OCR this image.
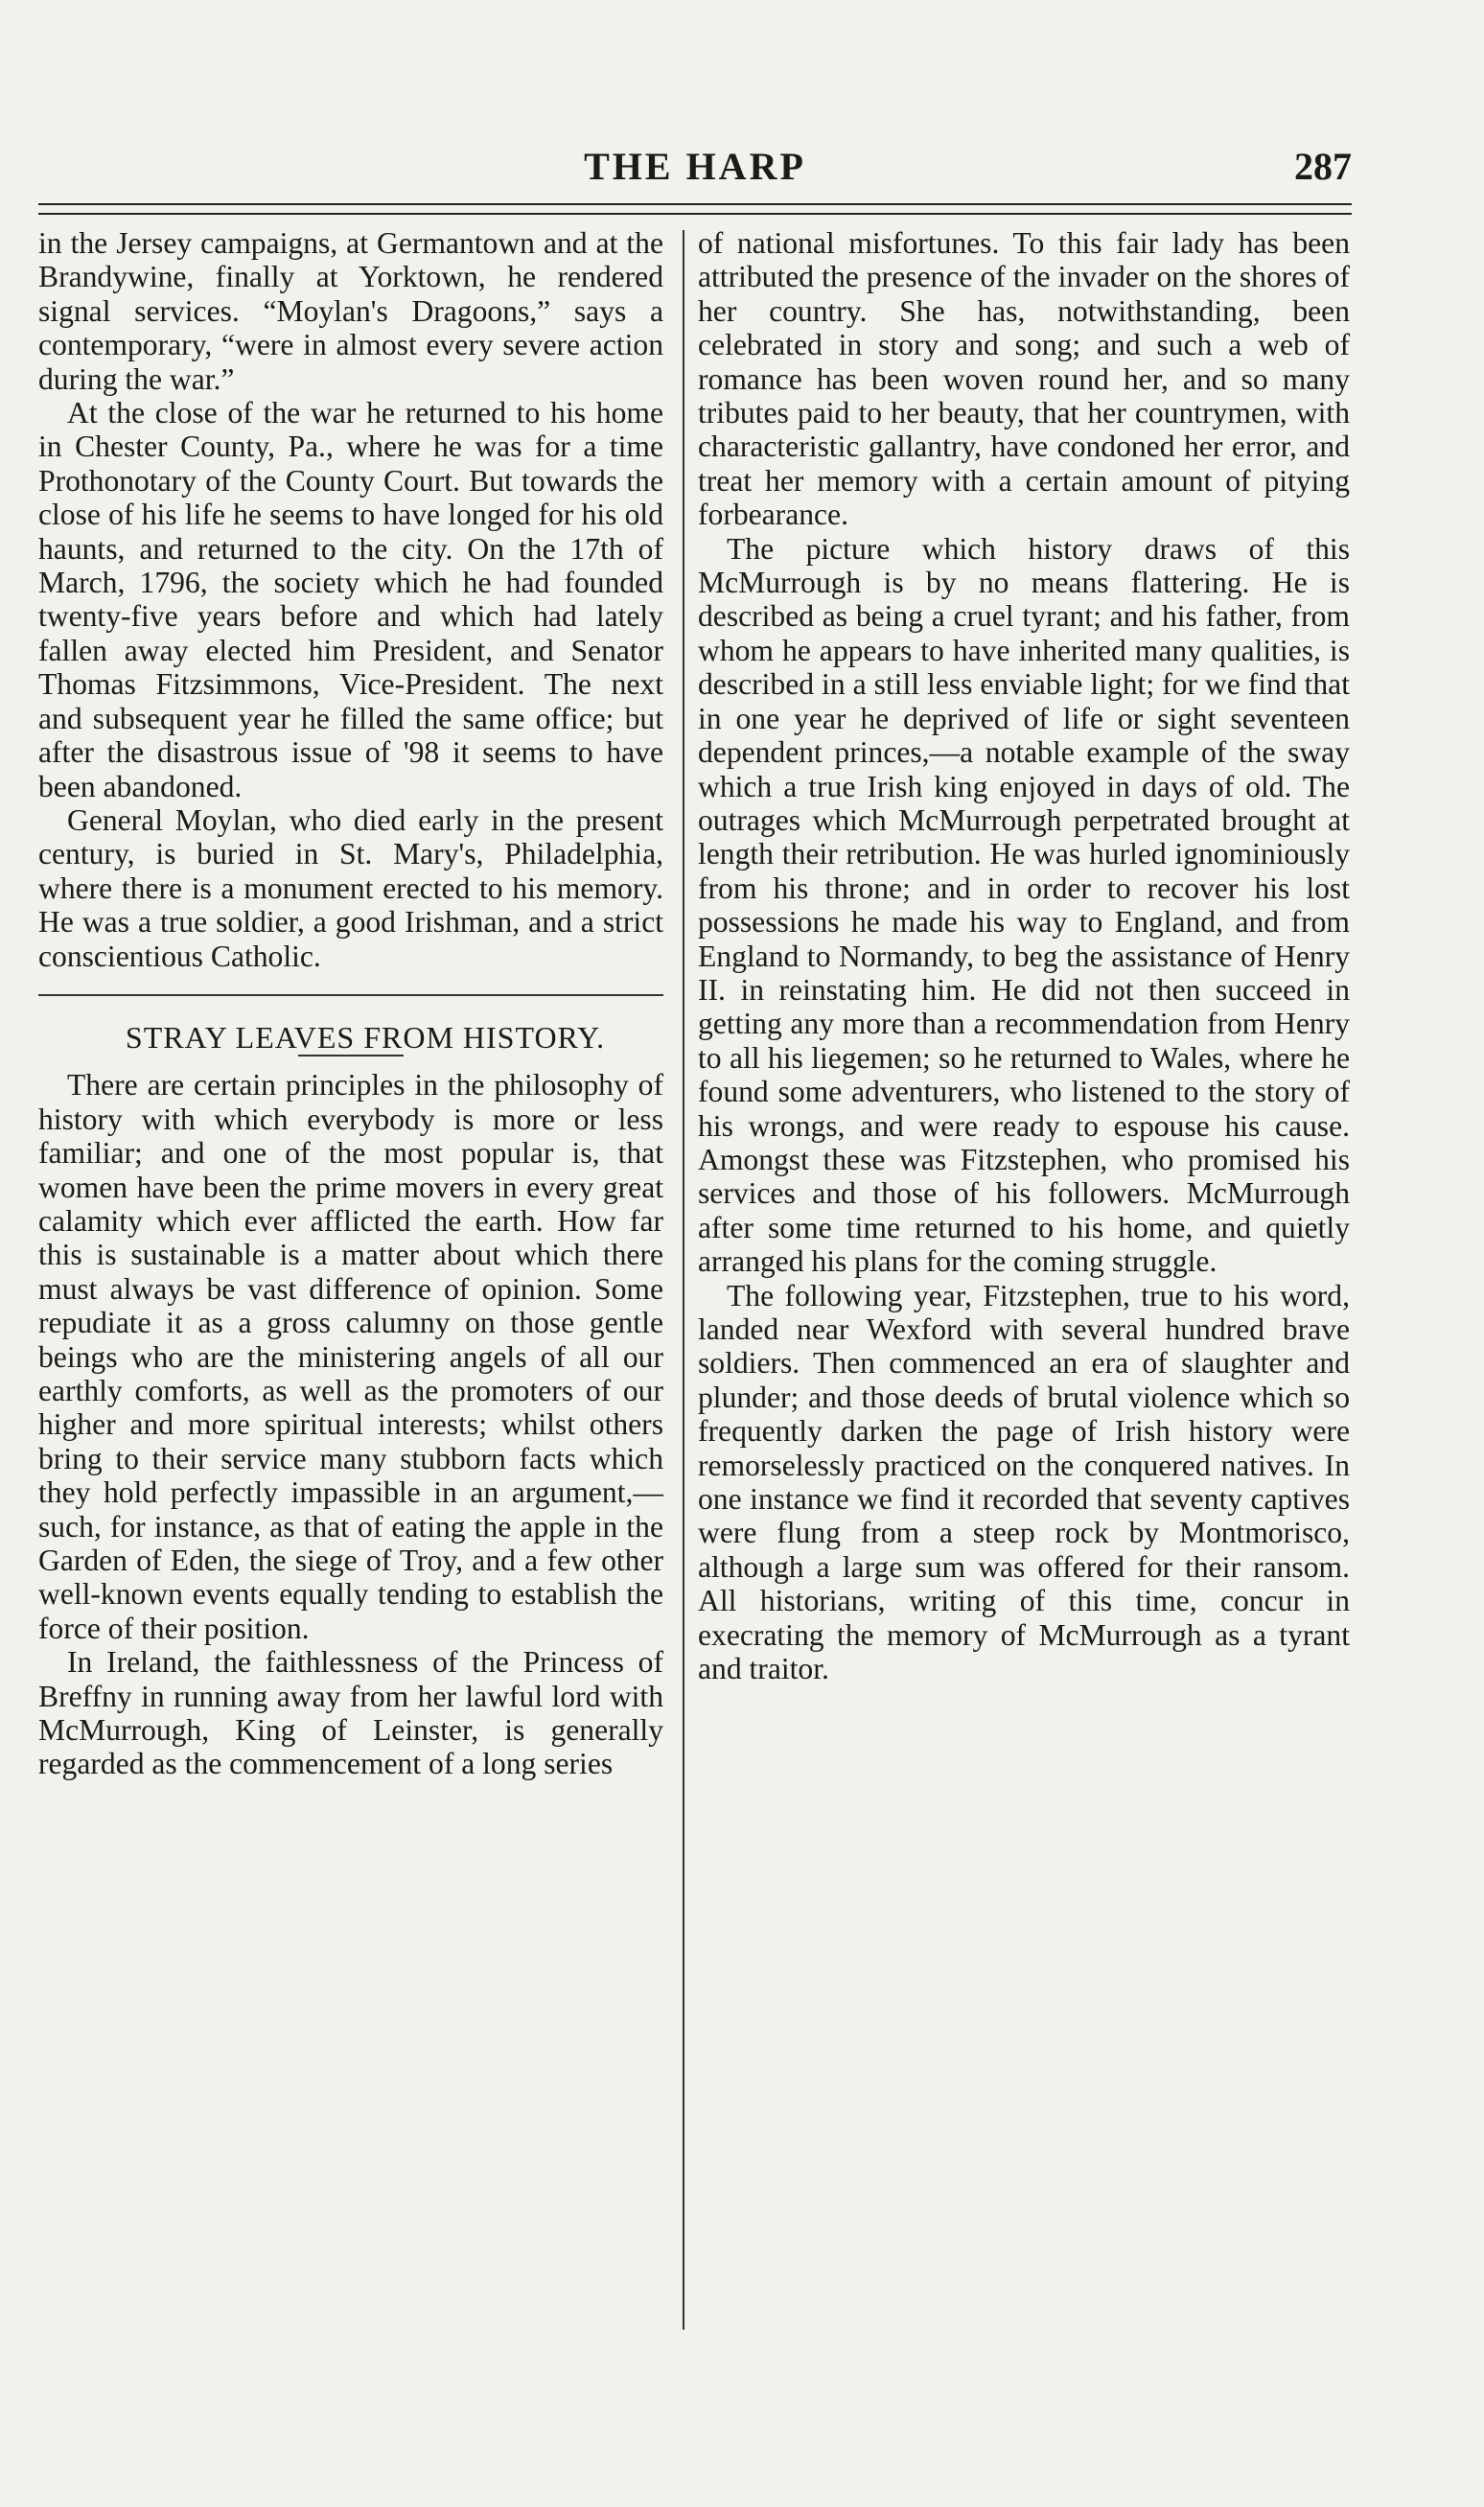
THE HARP	287

in the Jersey campaigns, at Germantown and at the Brandywine, finally at Yorktown, he rendered signal services. “Moylan's Dragoons,” says a contemporary, “were in almost every severe action during the war.”

At the close of the war he returned to his home in Chester County, Pa., where he was for a time Prothonotary of the County Court. But towards the close of his life he seems to have longed for his old haunts, and returned to the city. On the 17th of March, 1796, the society which he had founded twenty-five years before and which had lately fallen away elected him President, and Senator Thomas Fitzsimmons, Vice-President. The next and subsequent year he filled the same office; but after the disastrous issue of '98 it seems to have been abandoned.

General Moylan, who died early in the present century, is buried in St. Mary's, Philadelphia, where there is a monument erected to his memory. He was a true soldier, a good Irishman, and a strict conscientious Catholic.

STRAY LEAVES FROM HISTORY.

There are certain principles in the philosophy of history with which everybody is more or less familiar; and one of the most popular is, that women have been the prime movers in every great calamity which ever afflicted the earth. How far this is sustainable is a matter about which there must always be vast difference of opinion. Some repudiate it as a gross calumny on those gentle beings who are the ministering angels of all our earthly comforts, as well as the promoters of our higher and more spiritual interests; whilst others bring to their service many stubborn facts which they hold perfectly impassible in an argument,—such, for instance, as that of eating the apple in the Garden of Eden, the siege of Troy, and a few other well-known events equally tending to establish the force of their position.

In Ireland, the faithlessness of the Princess of Breffny in running away from her lawful lord with McMurrough, King of Leinster, is generally regarded as the commencement of a long series

of national misfortunes. To this fair lady has been attributed the presence of the invader on the shores of her country. She has, notwithstanding, been celebrated in story and song; and such a web of romance has been woven round her, and so many tributes paid to her beauty, that her countrymen, with characteristic gallantry, have condoned her error, and treat her memory with a certain amount of pitying forbearance.

The picture which history draws of this McMurrough is by no means flattering. He is described as being a cruel tyrant; and his father, from whom he appears to have inherited many qualities, is described in a still less enviable light; for we find that in one year he deprived of life or sight seventeen dependent princes,—a notable example of the sway which a true Irish king enjoyed in days of old. The outrages which McMurrough perpetrated brought at length their retribution. He was hurled ignominiously from his throne; and in order to recover his lost possessions he made his way to England, and from England to Normandy, to beg the assistance of Henry II. in reinstating him. He did not then succeed in getting any more than a recommendation from Henry to all his liegemen; so he returned to Wales, where he found some adventurers, who listened to the story of his wrongs, and were ready to espouse his cause. Amongst these was Fitzstephen, who promised his services and those of his followers. McMurrough after some time returned to his home, and quietly arranged his plans for the coming struggle.

The following year, Fitzstephen, true to his word, landed near Wexford with several hundred brave soldiers. Then commenced an era of slaughter and plunder; and those deeds of brutal violence which so frequently darken the page of Irish history were remorselessly practiced on the conquered natives. In one instance we find it recorded that seventy captives were flung from a steep rock by Montmorisco, although a large sum was offered for their ransom. All historians, writing of this time, concur in execrating the memory of McMurrough as a tyrant and traitor.
